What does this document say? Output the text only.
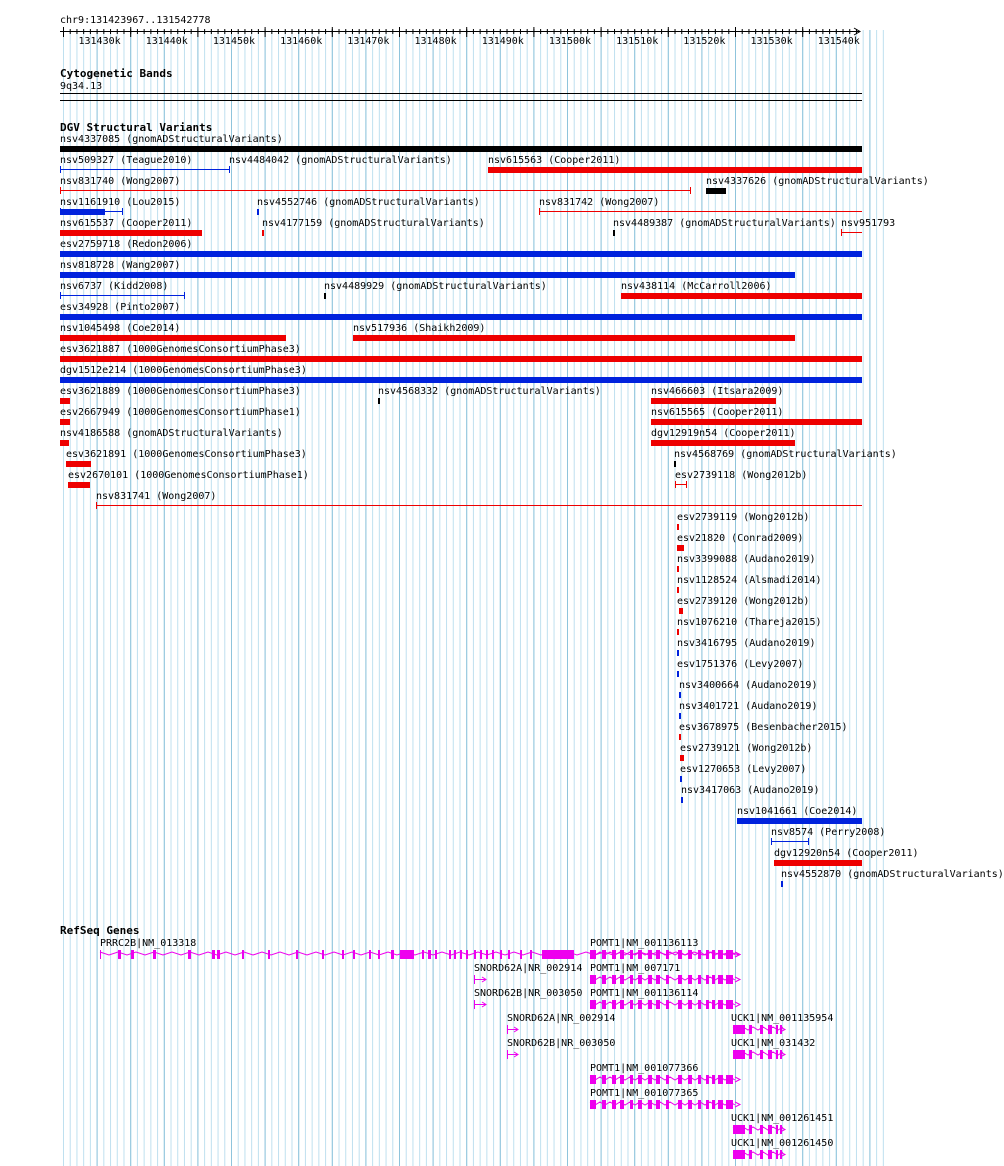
chr9:131423967..131542778
131430k	131440k	131450k	131460k	131470k	131480k	131490k	131500k	131510k	131520k	131530k	131540k
Cytogenetic Bands
9q34.13
DGV Structural Variants
nsv4337085 (gnomADStructuralVariants)
nsv509327 (Teague2010)	nsv4484042 (gnomADStructuralVariants)	nsv615563 (Cooper2011)
nsv831740 (Wong2007)	nsv4337626 (gnomADStructuralVariants)
nsv1161910 (Lou2015)	nsv4552746 (gnomADStructuralVariants)	nsv831742 (Wong2007)
nsv615537 (Cooper2011)	nsv4177159 (gnomADStructuralVariants)	nsv4489387 (gnomADStructuralVariants) nsv951793
esv2759718 (Redon2006)
nsv818728 (Wang2007)
nsv6737 (Kidd2008)	nsv4489929 (gnomADStructuralVariants)	nsv438114 (McCarroll2006)
esv34928 (Pinto2007)
nsv1045498 (Coe2014)	nsv517936 (Shaikh2009)
esv3621887 (1000GenomesConsortiumPhase3)
dgv1512e214 (1000GenomesConsortiumPhase3)
esv3621889 (1000GenomesConsortiumPhase3)	nsv4568332 (gnomADStructuralVariants)	nsv466603 (Itsara2009)
esv2667949 (1000GenomesConsortiumPhase1)	nsv615565 (Cooper2011)
nsv4186588 (gnomADStructuralVariants)	dgv12919n54 (Cooper2011)
esv3621891 (1000GenomesConsortiumPhase3)	nsv4568769 (gnomADStructuralVariants)
esv2670101 (1000GenomesConsortiumPhase1)	esv2739118 (Wong2012b)
nsv831741 (Wong2007)
esv2739119 (Wong2012b)
esv21820 (Conrad2009)
nsv3399088 (Audano2019)
nsv1128524 (Alsmadi2014)
esv2739120 (Wong2012b)
nsv1076210 (Thareja2015)
nsv3416795 (Audano2019)
esv1751376 (Levy2007)
nsv3400664 (Audano2019)
nsv3401721 (Audano2019)
esv3678975 (Besenbacher2015)
esv2739121 (Wong2012b)
esv1270653 (Levy2007)
nsv3417063 (Audano2019)
nsv1041661 (Coe2014)
nsv8574 (Perry2008)
dgv12920n54 (Cooper2011)
nsv4552870 (gnomADStructuralVariants)
RefSeq Genes
PRRC2B|NM_013318	POMT1|NM_001136113
SNORD62A|NR_002914 POMT1|NM_007171
SNORD62B|NR_003050 POMT1|NM_001136114
SNORD62A|NR_002914	UCK1|NM_001135954
SNORD62B|NR_003050	UCK1|NM_031432
POMT1|NM_001077366
POMT1|NM_001077365
UCK1|NM_001261451
UCK1|NM_001261450
